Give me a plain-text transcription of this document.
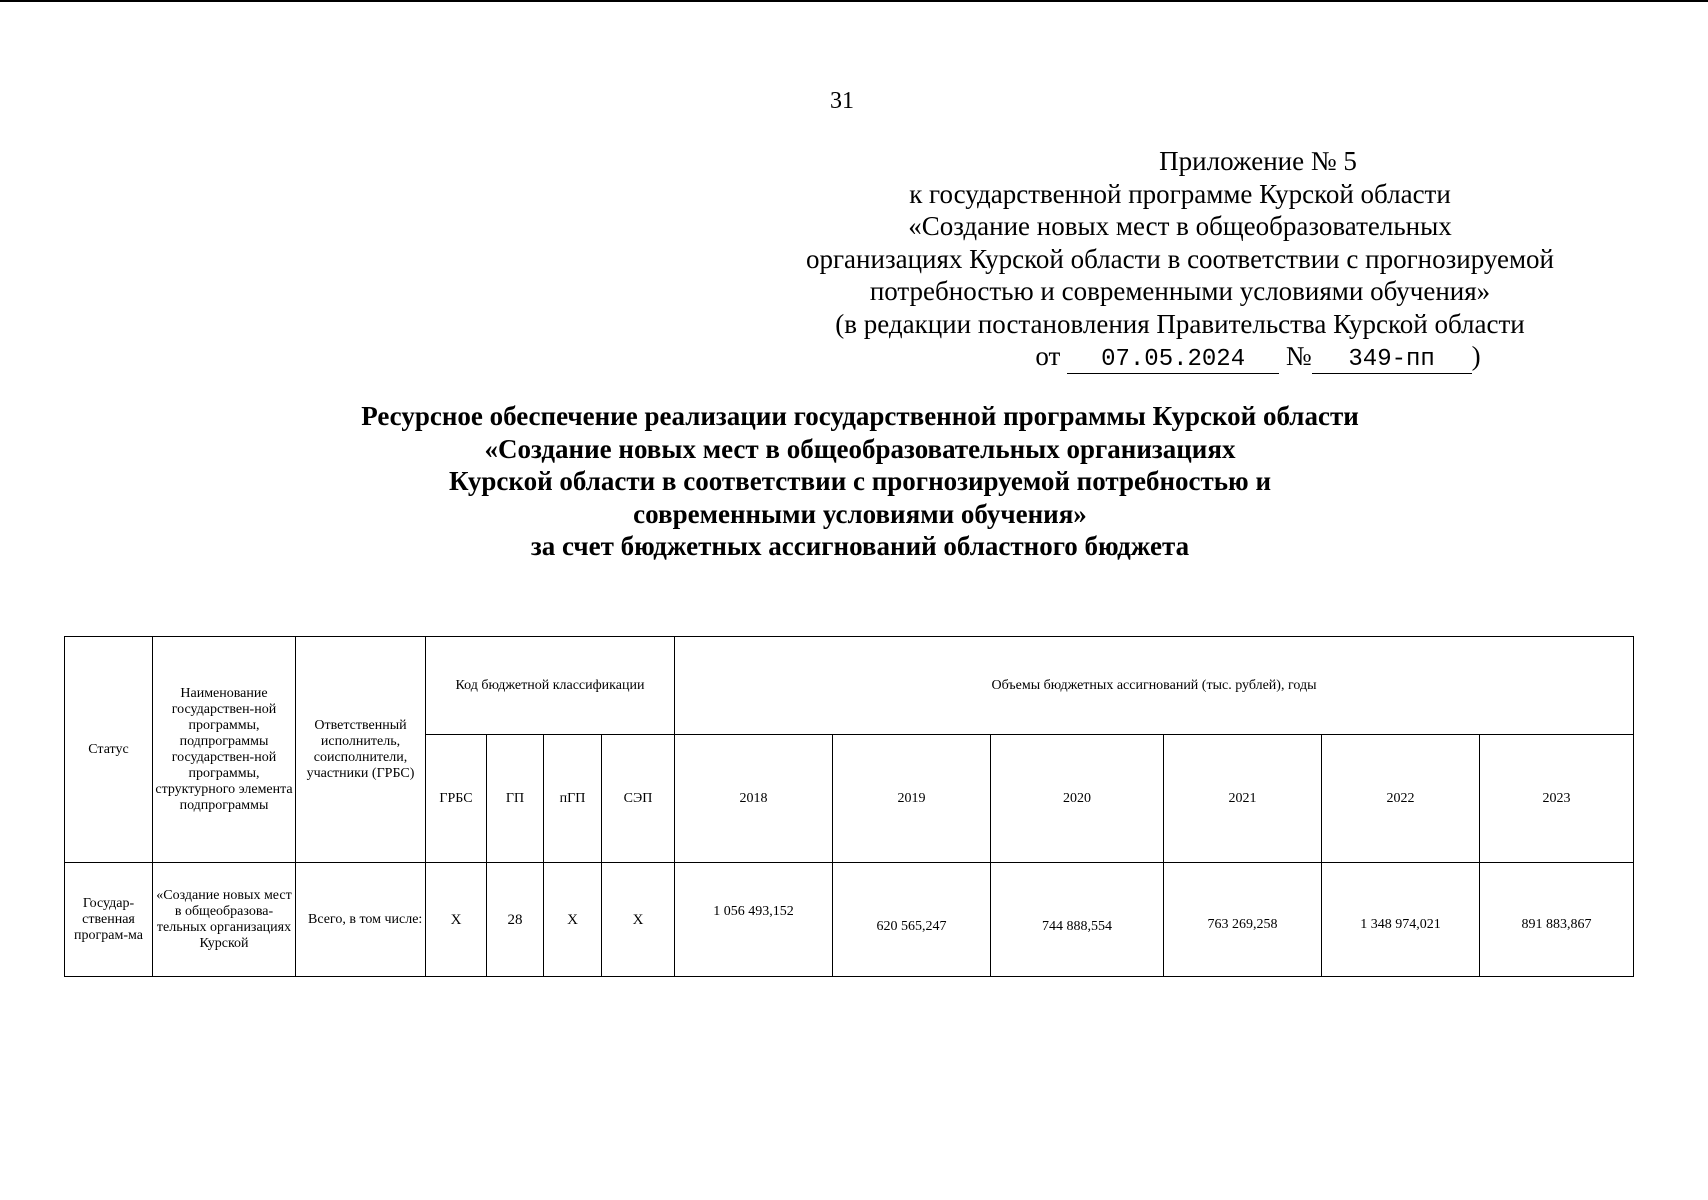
31
Приложение № 5
к государственной программе Курской области
«Создание новых мест в общеобразовательных
организациях Курской области в соответствии с прогнозируемой
потребностью и современными условиями обучения»
(в редакции постановления Правительства Курской области
от 07.05.2024 № 349-пп )
Ресурсное обеспечение реализации государственной программы Курской области
«Создание новых мест в общеобразовательных организациях
Курской области в соответствии с прогнозируемой потребностью и
современными условиями обучения»
за счет бюджетных ассигнований областного бюджета
Статус	Наименование государствен-ной программы, подпрограммы государствен-ной программы, структурного элемента подпрограммы	Ответственный исполнитель, соисполнители, участники (ГРБС)	Код бюджетной классификации				Объемы бюджетных ассигнований (тыс. рублей), годы					
			ГРБС	ГП	пГП	СЭП	2018	2019	2020	2021	2022	2023
Государ-ственная програм-ма	«Создание новых мест в общеобразова-тельных организациях Курской	Всего, в том числе:	Х	28	Х	Х	1 056 493,152	620 565,247	744 888,554	763 269,258	1 348 974,021	891 883,867
